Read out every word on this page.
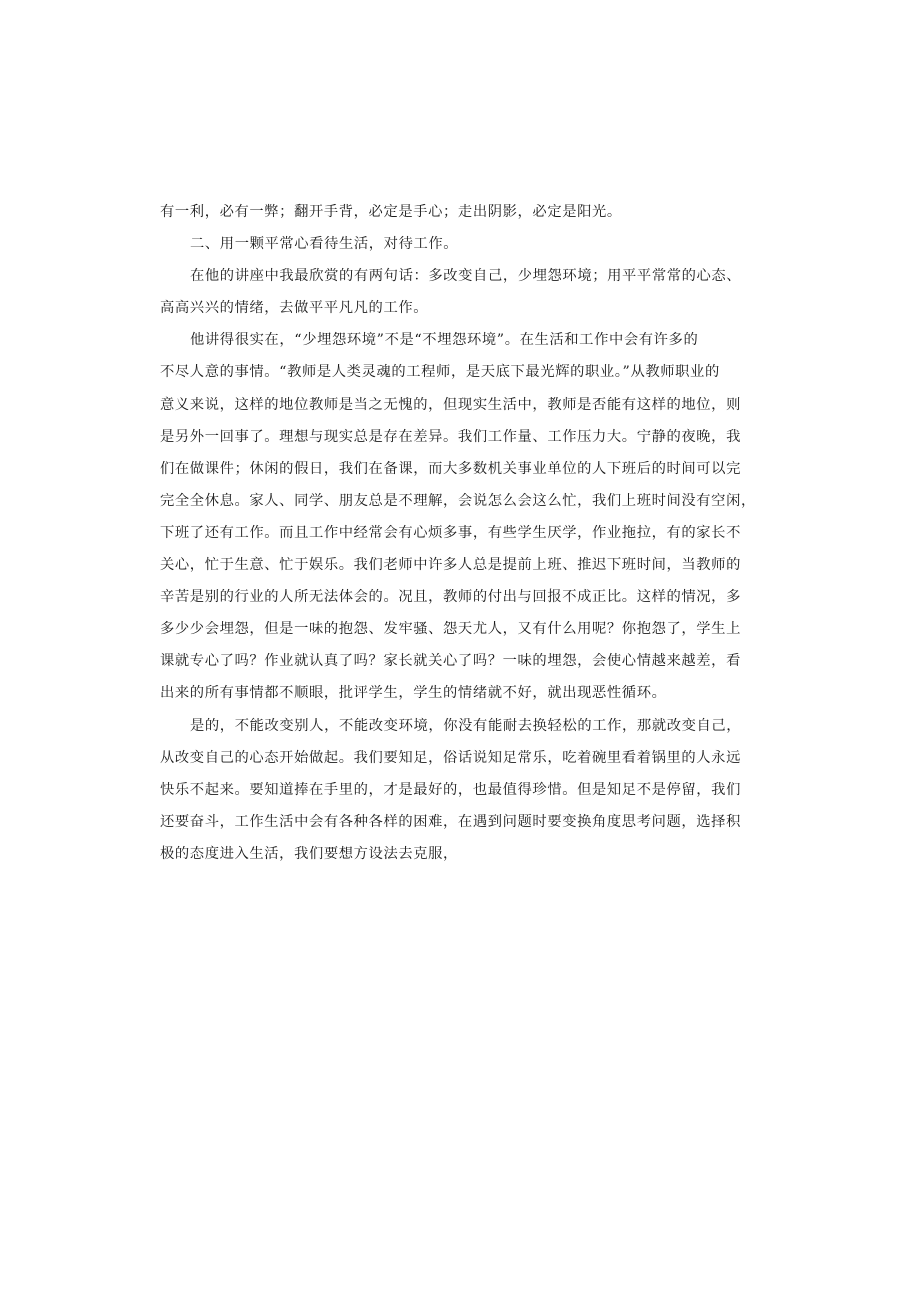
有一利，必有一弊；翻开手背，必定是手心；走出阴影，必定是阳光。

二、用一颗平常心看待生活，对待工作。

在他的讲座中我最欣赏的有两句话：多改变自己，少埋怨环境；用平平常常的心态、
高高兴兴的情绪，去做平平凡凡的工作。

他讲得很实在，“少埋怨环境”不是“不埋怨环境”。在生活和工作中会有许多的
不尽人意的事情。“教师是人类灵魂的工程师，是天底下最光辉的职业。”从教师职业的
意义来说，这样的地位教师是当之无愧的，但现实生活中，教师是否能有这样的地位，则
是另外一回事了。理想与现实总是存在差异。我们工作量、工作压力大。宁静的夜晚，我
们在做课件；休闲的假日，我们在备课，而大多数机关事业单位的人下班后的时间可以完
完全全休息。家人、同学、朋友总是不理解，会说怎么会这么忙，我们上班时间没有空闲，
下班了还有工作。而且工作中经常会有心烦多事，有些学生厌学，作业拖拉，有的家长不
关心，忙于生意、忙于娱乐。我们老师中许多人总是提前上班、推迟下班时间，当教师的
辛苦是别的行业的人所无法体会的。况且，教师的付出与回报不成正比。这样的情况，多
多少少会埋怨，但是一味的抱怨、发牢骚、怨天尤人，又有什么用呢？你抱怨了，学生上
课就专心了吗？作业就认真了吗？家长就关心了吗？一味的埋怨，会使心情越来越差，看
出来的所有事情都不顺眼，批评学生，学生的情绪就不好，就出现恶性循环。

是的，不能改变别人，不能改变环境，你没有能耐去换轻松的工作，那就改变自己，
从改变自己的心态开始做起。我们要知足，俗话说知足常乐，吃着碗里看着锅里的人永远
快乐不起来。要知道捧在手里的，才是最好的，也最值得珍惜。但是知足不是停留，我们
还要奋斗，工作生活中会有各种各样的困难，在遇到问题时要变换角度思考问题，选择积
极的态度进入生活，我们要想方设法去克服，
